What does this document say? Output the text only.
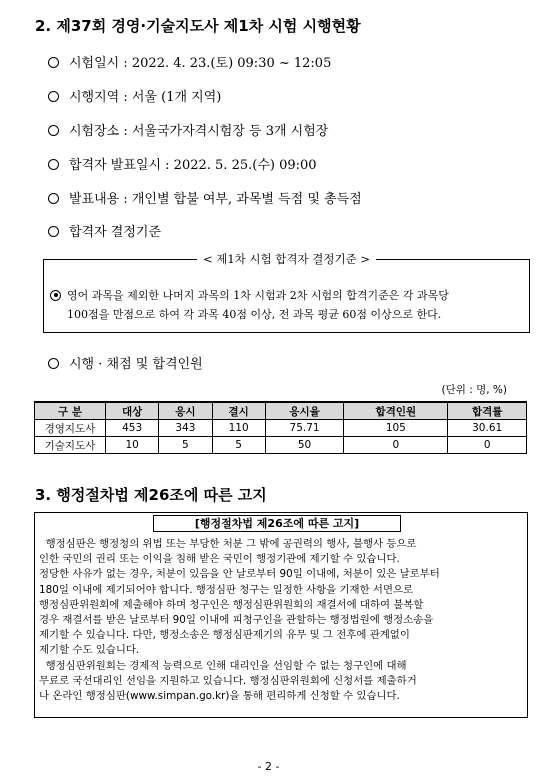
2. 제37회 경영·기술지도사 제1차 시험 시행현황
시험일시 : 2022. 4. 23.(토) 09:30 ~ 12:05
시행지역 : 서울 (1개 지역)
시험장소 : 서울국가자격시험장 등 3개 시험장
합격자 발표일시 : 2022. 5. 25.(수) 09:00
발표내용 : 개인별 합불 여부, 과목별 득점 및 총득점
합격자 결정기준
< 제1차 시험 합격자 결정기준 >
영어 과목을 제외한 나머지 과목의 1차 시험과 2차 시험의 합격기준은 각 과목당
100점을 만점으로 하여 각 과목 40점 이상, 전 과목 평균 60점 이상으로 한다.
시행 · 채점 및 합격인원
(단위 : 명, %)
구 분	대상	응시	결시	응시율	합격인원	합격률
경영지도사	453	343	110	75.71	105	30.61
기술지도사	10	5	5	50	0	0
3. 행정절차법 제26조에 따른 고지
[행정절차법 제26조에 따른 고지]
행정심판은 행정청의 위법 또는 부당한 처분 그 밖에 공권력의 행사, 불행사 등으로
인한 국민의 권리 또는 이익을 침해 받은 국민이 행정기관에 제기할 수 있습니다.
정당한 사유가 없는 경우, 처분이 있음을 안 날로부터 90일 이내에, 처분이 있은 날로부터
180일 이내에 제기되어야 합니다. 행정심판 청구는 일정한 사항을 기재한 서면으로
행정심판위원회에 제출해야 하며 청구인은 행정심판위원회의 재결서에 대하여 불복할
경우 재결서를 받은 날로부터 90일 이내에 피청구인을 관할하는 행정법원에 행정소송을
제기할 수 있습니다. 다만, 행정소송은 행정심판제기의 유무 및 그 전후에 관계없이
제기할 수도 있습니다.
행정심판위원회는 경제적 능력으로 인해 대리인을 선임할 수 없는 청구인에 대해
무료로 국선대리인 선임을 지원하고 있습니다. 행정심판위원회에 신청서를 제출하거
나 온라인 행정심판(www.simpan.go.kr)을 통해 편리하게 신청할 수 있습니다.
- 2 -
